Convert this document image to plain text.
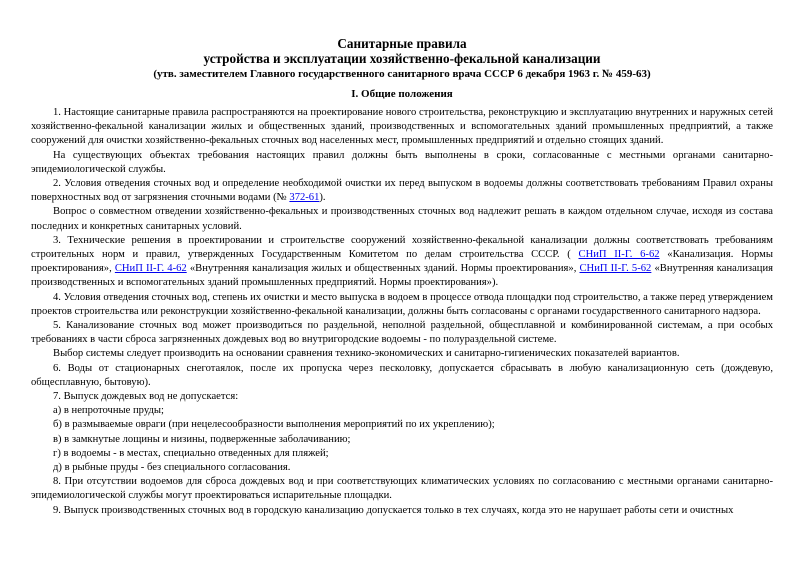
Санитарные правила
устройства и эксплуатации хозяйственно-фекальной канализации

(утв. заместителем Главного государственного санитарного врача СССР 6 декабря 1963 г. № 459-63)

I. Общие положения

1. Настоящие санитарные правила распространяются на проектирование нового строительства, реконструкцию и эксплуатацию внутренних и наружных сетей хозяйственно-фекальной канализации жилых и общественных зданий, производственных и вспомогательных зданий промышленных предприятий, а также сооружений для очистки хозяйственно-фекальных сточных вод населенных мест, промышленных предприятий и отдельно стоящих зданий.

На существующих объектах требования настоящих правил должны быть выполнены в сроки, согласованные с местными органами санитарно-эпидемиологической службы.

2. Условия отведения сточных вод и определение необходимой очистки их перед выпуском в водоемы должны соответствовать требованиям Правил охраны поверхностных вод от загрязнения сточными водами (№ 372-61).

Вопрос о совместном отведении хозяйственно-фекальных и производственных сточных вод надлежит решать в каждом отдельном случае, исходя из состава последних и конкретных санитарных условий.

3. Технические решения в проектировании и строительстве сооружений хозяйственно-фекальной канализации должны соответствовать требованиям строительных норм и правил, утвержденных Государственным Комитетом по делам строительства СССР. ( СНиП II-Г. 6-62 «Канализация. Нормы проектирования», СНиП II-Г. 4-62 «Внутренняя канализация жилых и общественных зданий. Нормы проектирования», СНиП II-Г. 5-62 «Внутренняя канализация производственных и вспомогательных зданий промышленных предприятий. Нормы проектирования»).

4. Условия отведения сточных вод, степень их очистки и место выпуска в водоем в процессе отвода площадки под строительство, а также перед утверждением проектов строительства или реконструкции хозяйственно-фекальной канализации, должны быть согласованы с органами государственного санитарного надзора.

5. Канализование сточных вод может производиться по раздельной, неполной раздельной, общесплавной и комбинированной системам, а при особых требованиях в части сброса загрязненных дождевых вод во внутригородские водоемы - по полураздельной системе.

Выбор системы следует производить на основании сравнения технико-экономических и санитарно-гигиенических показателей вариантов.

6. Воды от стационарных снеготаялок, после их пропуска через песколовку, допускается сбрасывать в любую канализационную сеть (дождевую, общесплавную, бытовую).

7. Выпуск дождевых вод не допускается:

а) в непроточные пруды;

б) в размываемые овраги (при нецелесообразности выполнения мероприятий по их укреплению);

в) в замкнутые лощины и низины, подверженные заболачиванию;

г) в водоемы - в местах, специально отведенных для пляжей;

д) в рыбные пруды - без специального согласования.

8. При отсутствии водоемов для сброса дождевых вод и при соответствующих климатических условиях по согласованию с местными органами санитарно-эпидемиологической службы могут проектироваться испарительные площадки.

9. Выпуск производственных сточных вод в городскую канализацию допускается только в тех случаях, когда это не нарушает работы сети и очистных
